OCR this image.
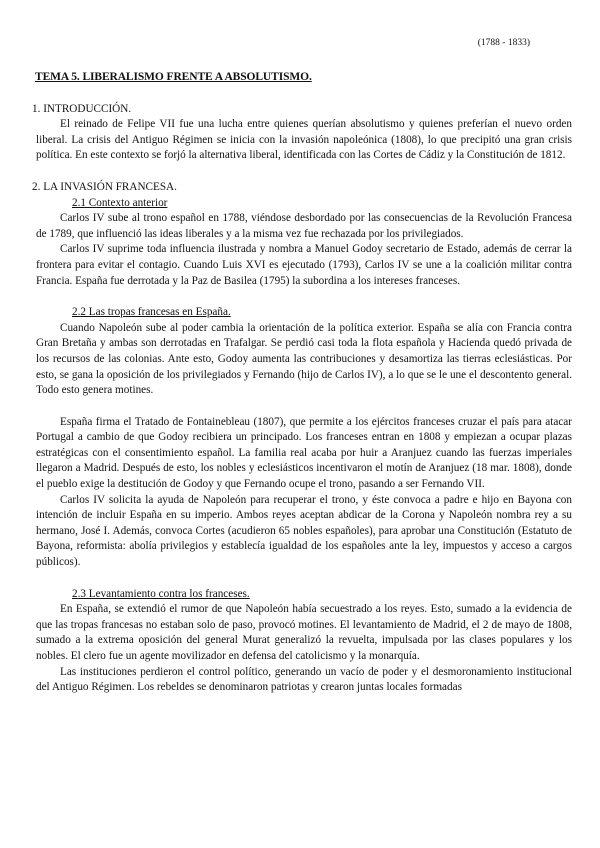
(1788 - 1833)
TEMA 5. LIBERALISMO FRENTE A ABSOLUTISMO.
1. INTRODUCCIÓN.

El reinado de Felipe VII fue una lucha entre quienes querían absolutismo y quienes preferían el nuevo orden liberal. La crisis del Antiguo Régimen se inicia con la invasión napoleónica (1808), lo que precipitó una gran crisis política. En este contexto se forjó la alternativa liberal, identificada con las Cortes de Cádiz y la Constitución de 1812.

2. LA INVASIÓN FRANCESA.
2.1 Contexto anterior

Carlos IV sube al trono español en 1788, viéndose desbordado por las consecuencias de la Revolución Francesa de 1789, que influenció las ideas liberales y a la misma vez fue rechazada por los privilegiados.

Carlos IV suprime toda influencia ilustrada y nombra a Manuel Godoy secretario de Estado, además de cerrar la frontera para evitar el contagio. Cuando Luis XVI es ejecutado (1793), Carlos IV se une a la coalición militar contra Francia. España fue derrotada y la Paz de Basilea (1795) la subordina a los intereses franceses.

2.2 Las tropas francesas en España.

Cuando Napoleón sube al poder cambia la orientación de la política exterior. España se alía con Francia contra Gran Bretaña y ambas son derrotadas en Trafalgar. Se perdió casi toda la flota española y Hacienda quedó privada de los recursos de las colonias. Ante esto, Godoy aumenta las contribuciones y desamortiza las tierras eclesiásticas. Por esto, se gana la oposición de los privilegiados y Fernando (hijo de Carlos IV), a lo que se le une el descontento general. Todo esto genera motines.

España firma el Tratado de Fontainebleau (1807), que permite a los ejércitos franceses cruzar el país para atacar Portugal a cambio de que Godoy recibiera un principado. Los franceses entran en 1808 y empiezan a ocupar plazas estratégicas con el consentimiento español. La familia real acaba por huir a Aranjuez cuando las fuerzas imperiales llegaron a Madrid. Después de esto, los nobles y eclesiásticos incentivaron el motín de Aranjuez (18 mar. 1808), donde el pueblo exige la destitución de Godoy y que Fernando ocupe el trono, pasando a ser Fernando VII.

Carlos IV solicita la ayuda de Napoleón para recuperar el trono, y éste convoca a padre e hijo en Bayona con intención de incluir España en su imperio. Ambos reyes aceptan abdicar de la Corona y Napoleón nombra rey a su hermano, José I. Además, convoca Cortes (acudieron 65 nobles españoles), para aprobar una Constitución (Estatuto de Bayona, reformista: abolía privilegios y establecía igualdad de los españoles ante la ley, impuestos y acceso a cargos públicos).

2.3 Levantamiento contra los franceses.

En España, se extendió el rumor de que Napoleón había secuestrado a los reyes. Esto, sumado a la evidencia de que las tropas francesas no estaban solo de paso, provocó motines. El levantamiento de Madrid, el 2 de mayo de 1808, sumado a la extrema oposición del general Murat generalizó la revuelta, impulsada por las clases populares y los nobles. El clero fue un agente movilizador en defensa del catolicismo y la monarquía.

Las instituciones perdieron el control político, generando un vacío de poder y el desmoronamiento institucional del Antiguo Régimen. Los rebeldes se denominaron patriotas y crearon juntas locales formadas
